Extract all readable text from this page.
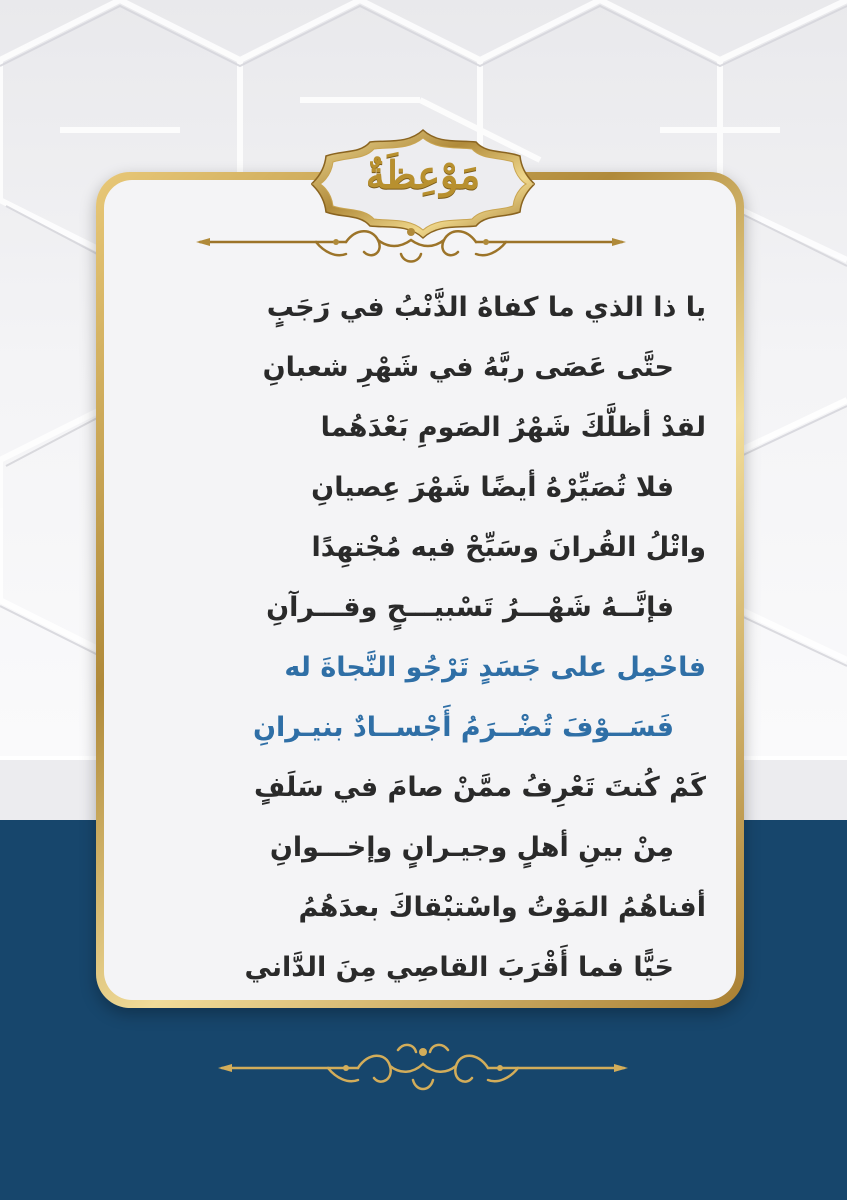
مَوْعِظَةٌ
يا ذا الذي ما كفاهُ الذَّنْبُ في رَجَبٍ
حتَّى عَصَى ربَّهُ في شَهْرِ شعبانِ
لقدْ أظلَّكَ شَهْرُ الصَومِ بَعْدَهُما
فلا تُصَيِّرْهُ أيضًا شَهْرَ عِصيانِ
واتْلُ القُرانَ وسَبِّحْ فيه مُجْتهِدًا
فإنَّــهُ شَهْـــرُ تَسْبيـــحٍ وقـــرآنِ
فاحْمِل على جَسَدٍ تَرْجُو النَّجاةَ له
فَسَــوْفَ تُضْــرَمُ أَجْســادٌ بنيـرانِ
كَمْ كُنتَ تَعْرِفُ ممَّنْ صامَ في سَلَفٍ
مِنْ بينِ أهلٍ وجيـرانٍ وإخـــوانِ
أفناهُمُ المَوْتُ واسْتبْقاكَ بعدَهُمُ
حَيًّا فما أَقْرَبَ القاصِي مِنَ الدَّاني
